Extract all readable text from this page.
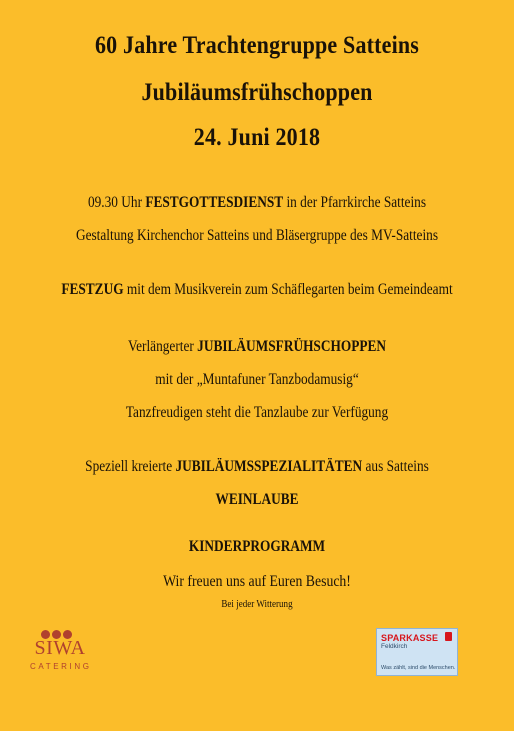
60 Jahre Trachtengruppe Satteins
Jubiläumsfrühschoppen
24. Juni 2018
09.30 Uhr FESTGOTTESDIENST in der Pfarrkirche Satteins
Gestaltung Kirchenchor Satteins und Bläsergruppe des MV-Satteins
FESTZUG mit dem Musikverein zum Schäflegarten beim Gemeindeamt
Verlängerter JUBILÄUMSFRÜHSCHOPPEN
mit der „Muntafuner Tanzbodamusig“
Tanzfreudigen steht die Tanzlaube zur Verfügung
Speziell kreierte JUBILÄUMSSPEZIALITÄTEN aus Satteins
WEINLAUBE
KINDERPROGRAMM
Wir freuen uns auf Euren Besuch!
Bei jeder Witterung
SIWA
CATERING
SPARKASSE
Feldkirch
Was zählt, sind die Menschen.
